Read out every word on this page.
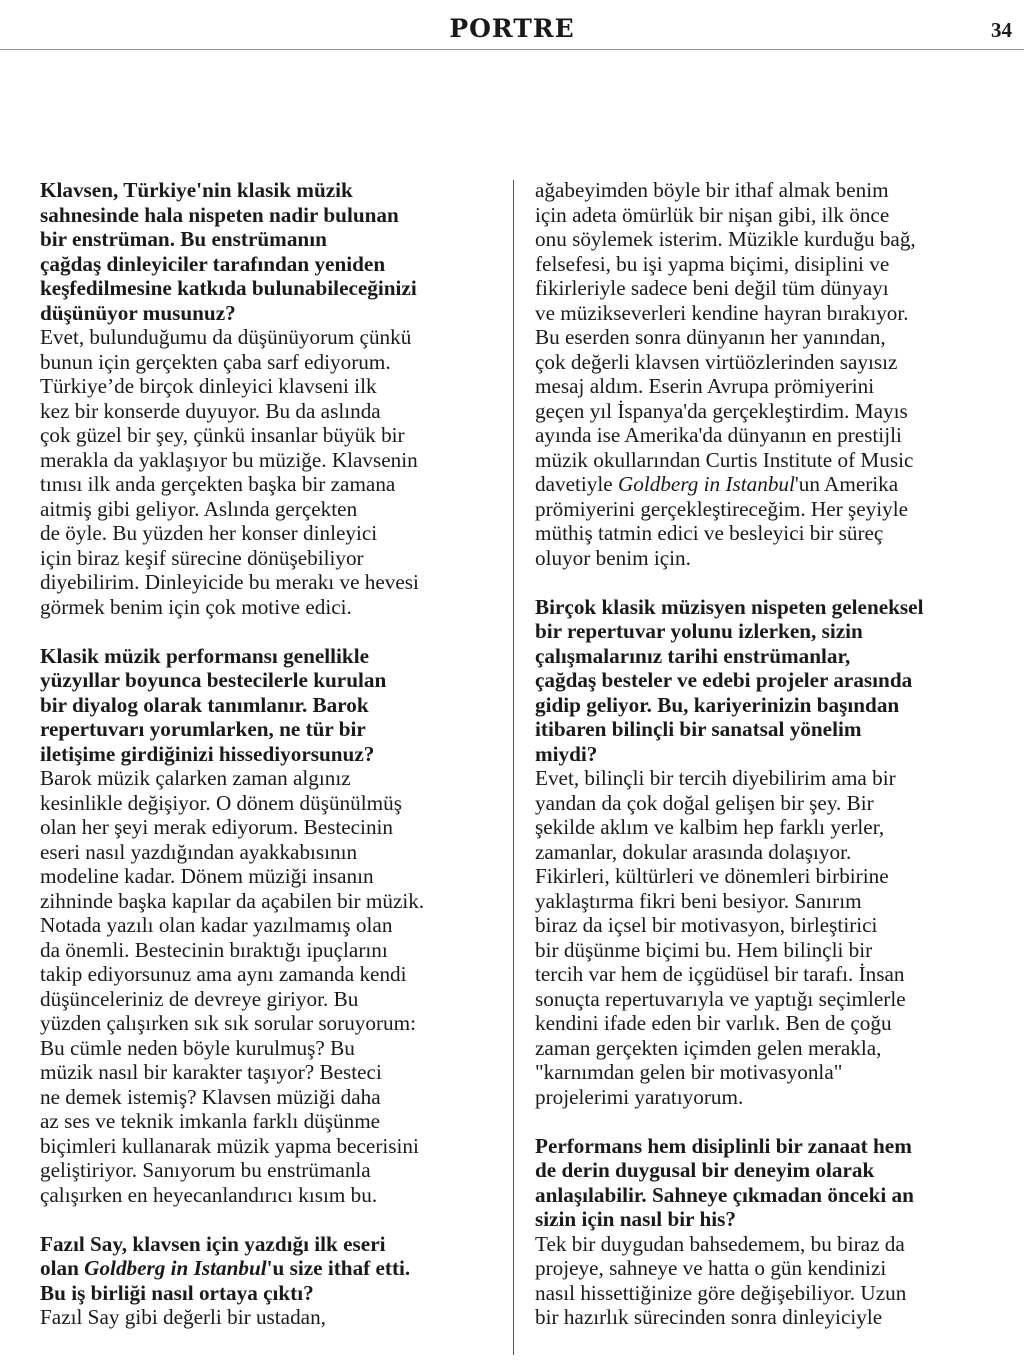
PORTRE	34
Klavsen, Türkiye'nin klasik müzik
sahnesinde hala nispeten nadir bulunan
bir enstrüman. Bu enstrümanın
çağdaş dinleyiciler tarafından yeniden
keşfedilmesine katkıda bulunabileceğinizi
düşünüyor musunuz?
Evet, bulunduğumu da düşünüyorum çünkü
bunun için gerçekten çaba sarf ediyorum.
Türkiye’de birçok dinleyici klavseni ilk
kez bir konserde duyuyor. Bu da aslında
çok güzel bir şey, çünkü insanlar büyük bir
merakla da yaklaşıyor bu müziğe. Klavsenin
tınısı ilk anda gerçekten başka bir zamana
aitmiş gibi geliyor. Aslında gerçekten
de öyle. Bu yüzden her konser dinleyici
için biraz keşif sürecine dönüşebiliyor
diyebilirim. Dinleyicide bu merakı ve hevesi
görmek benim için çok motive edici.
Klasik müzik performansı genellikle
yüzyıllar boyunca bestecilerle kurulan
bir diyalog olarak tanımlanır. Barok
repertuvarı yorumlarken, ne tür bir
iletişime girdiğinizi hissediyorsunuz?
Barok müzik çalarken zaman algınız
kesinlikle değişiyor. O dönem düşünülmüş
olan her şeyi merak ediyorum. Bestecinin
eseri nasıl yazdığından ayakkabısının
modeline kadar. Dönem müziği insanın
zihninde başka kapılar da açabilen bir müzik.
Notada yazılı olan kadar yazılmamış olan
da önemli. Bestecinin bıraktığı ipuçlarını
takip ediyorsunuz ama aynı zamanda kendi
düşünceleriniz de devreye giriyor. Bu
yüzden çalışırken sık sık sorular soruyorum:
Bu cümle neden böyle kurulmuş? Bu
müzik nasıl bir karakter taşıyor? Besteci
ne demek istemiş? Klavsen müziği daha
az ses ve teknik imkanla farklı düşünme
biçimleri kullanarak müzik yapma becerisini
geliştiriyor. Sanıyorum bu enstrümanla
çalışırken en heyecanlandırıcı kısım bu.
Fazıl Say, klavsen için yazdığı ilk eseri
olan Goldberg in Istanbul'u size ithaf etti.
Bu iş birliği nasıl ortaya çıktı?
Fazıl Say gibi değerli bir ustadan,
ağabeyimden böyle bir ithaf almak benim
için adeta ömürlük bir nişan gibi, ilk önce
onu söylemek isterim. Müzikle kurduğu bağ,
felsefesi, bu işi yapma biçimi, disiplini ve
fikirleriyle sadece beni değil tüm dünyayı
ve müzikseverleri kendine hayran bırakıyor.
Bu eserden sonra dünyanın her yanından,
çok değerli klavsen virtüözlerinden sayısız
mesaj aldım. Eserin Avrupa prömiyerini
geçen yıl İspanya'da gerçekleştirdim. Mayıs
ayında ise Amerika'da dünyanın en prestijli
müzik okullarından Curtis Institute of Music
davetiyle Goldberg in Istanbul'un Amerika
prömiyerini gerçekleştireceğim. Her şeyiyle
müthiş tatmin edici ve besleyici bir süreç
oluyor benim için.
Birçok klasik müzisyen nispeten geleneksel
bir repertuvar yolunu izlerken, sizin
çalışmalarınız tarihi enstrümanlar,
çağdaş besteler ve edebi projeler arasında
gidip geliyor. Bu, kariyerinizin başından
itibaren bilinçli bir sanatsal yönelim
miydi?
Evet, bilinçli bir tercih diyebilirim ama bir
yandan da çok doğal gelişen bir şey. Bir
şekilde aklım ve kalbim hep farklı yerler,
zamanlar, dokular arasında dolaşıyor.
Fikirleri, kültürleri ve dönemleri birbirine
yaklaştırma fikri beni besiyor. Sanırım
biraz da içsel bir motivasyon, birleştirici
bir düşünme biçimi bu. Hem bilinçli bir
tercih var hem de içgüdüsel bir tarafı. İnsan
sonuçta repertuvarıyla ve yaptığı seçimlerle
kendini ifade eden bir varlık. Ben de çoğu
zaman gerçekten içimden gelen merakla,
"karnımdan gelen bir motivasyonla"
projelerimi yaratıyorum.
Performans hem disiplinli bir zanaat hem
de derin duygusal bir deneyim olarak
anlaşılabilir. Sahneye çıkmadan önceki an
sizin için nasıl bir his?
Tek bir duygudan bahsedemem, bu biraz da
projeye, sahneye ve hatta o gün kendinizi
nasıl hissettiğinize göre değişebiliyor. Uzun
bir hazırlık sürecinden sonra dinleyiciyle
